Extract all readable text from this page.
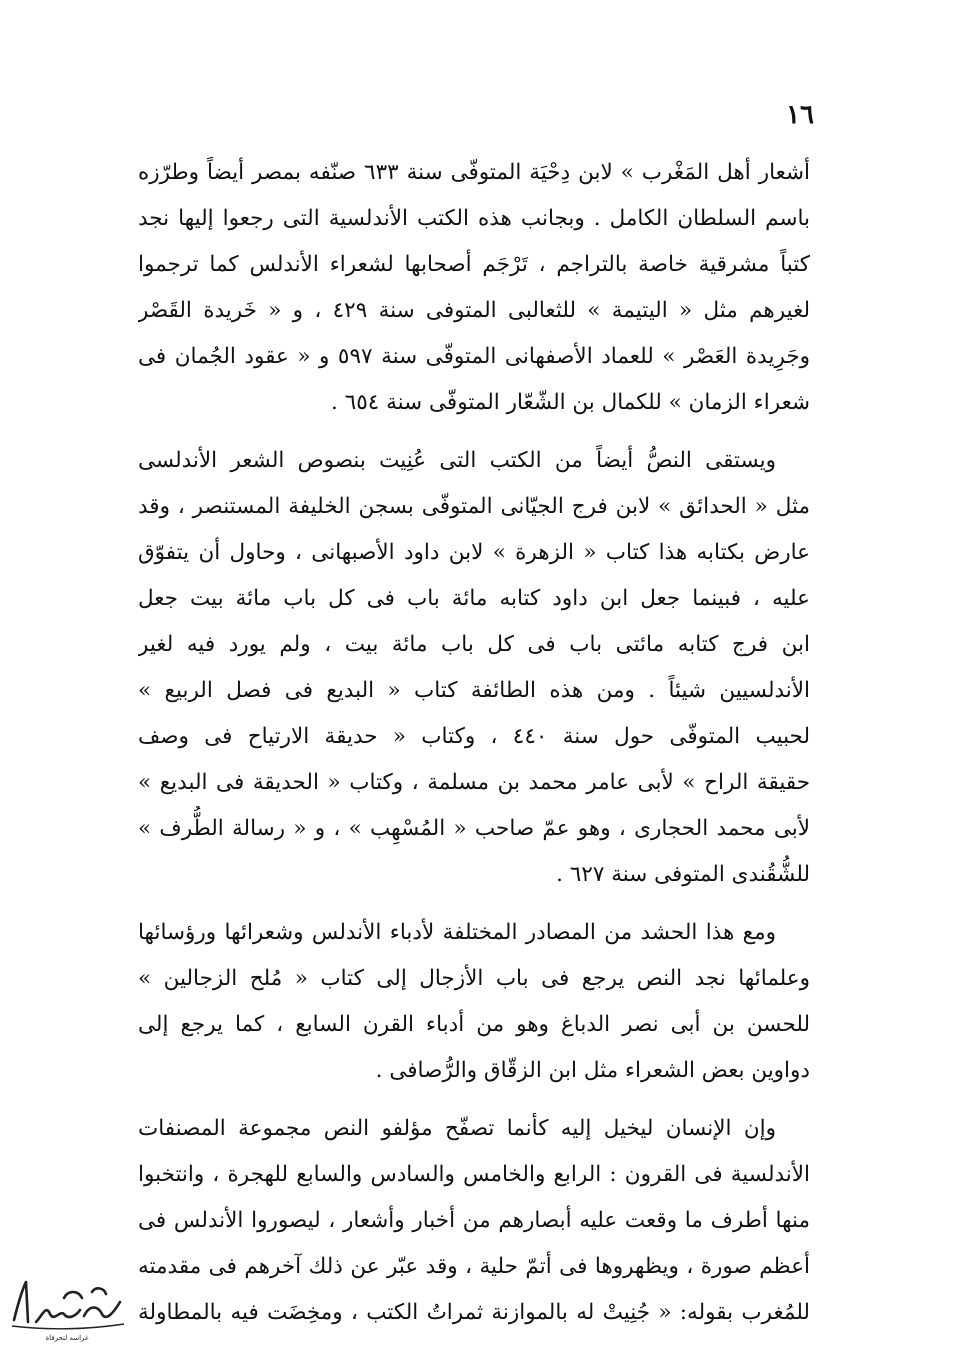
١٦
أشعار أهل المَغْرب » لابن دِحْيَة المتوفّى سنة ٦٣٣ صنّفه بمصر أيضاً وطرّزه
باسم السلطان الكامل . وبجانب هذه الكتب الأندلسية التى رجعوا إليها نجد
كتباً مشرقية خاصة بالتراجم ، تَرْجَم أصحابها لشعراء الأندلس كما ترجموا
لغيرهم مثل « اليتيمة » للثعالبى المتوفى سنة ٤٢٩ ، و « خَريدة القَصْر
وجَرِيدة العَصْر » للعماد الأصفهانى المتوفّى سنة ٥٩٧ و « عقود الجُمان فى
شعراء الزمان » للكمال بن الشّعّار المتوفّى سنة ٦٥٤ .
ويستقى النصُّ أيضاً من الكتب التى عُنِيت بنصوص الشعر الأندلسى
مثل « الحدائق » لابن فرج الجيّانى المتوفّى بسجن الخليفة المستنصر ، وقد
عارض بكتابه هذا كتاب « الزهرة » لابن داود الأصبهانى ، وحاول أن يتفوّق
عليه ، فبينما جعل ابن داود كتابه مائة باب فى كل باب مائة بيت جعل
ابن فرج كتابه مائتى باب فى كل باب مائة بيت ، ولم يورد فيه لغير
الأندلسيين شيئاً . ومن هذه الطائفة كتاب « البديع فى فصل الربيع »
لحبيب المتوفّى حول سنة ٤٤٠ ، وكتاب « حديقة الارتياح فى وصف
حقيقة الراح » لأبى عامر محمد بن مسلمة ، وكتاب « الحديقة فى البديع »
لأبى محمد الحجارى ، وهو عمّ صاحب « المُسْهِب » ، و « رسالة الطُّرف »
للشُّقُندى المتوفى سنة ٦٢٧ .
ومع هذا الحشد من المصادر المختلفة لأدباء الأندلس وشعرائها ورؤسائها
وعلمائها نجد النص يرجع فى باب الأزجال إلى كتاب « مُلح الزجالين »
للحسن بن أبى نصر الدباغ وهو من أدباء القرن السابع ، كما يرجع إلى
دواوين بعض الشعراء مثل ابن الزقّاق والرُّصافى .
وإن الإنسان ليخيل إليه كأنما تصفّح مؤلفو النص مجموعة المصنفات
الأندلسية فى القرون : الرابع والخامس والسادس والسابع للهجرة ، وانتخبوا
منها أطرف ما وقعت عليه أبصارهم من أخبار وأشعار ، ليصوروا الأندلس فى
أعظم صورة ، ويظهروها فى أتمّ حلية ، وقد عبّر عن ذلك آخرهم فى مقدمته
للمُغرب بقوله: « جُنِيتْ له بالموازنة ثمراتُ الكتب ، ومخِضَت فيه بالمطاولة
غراسه لتحرفاة
